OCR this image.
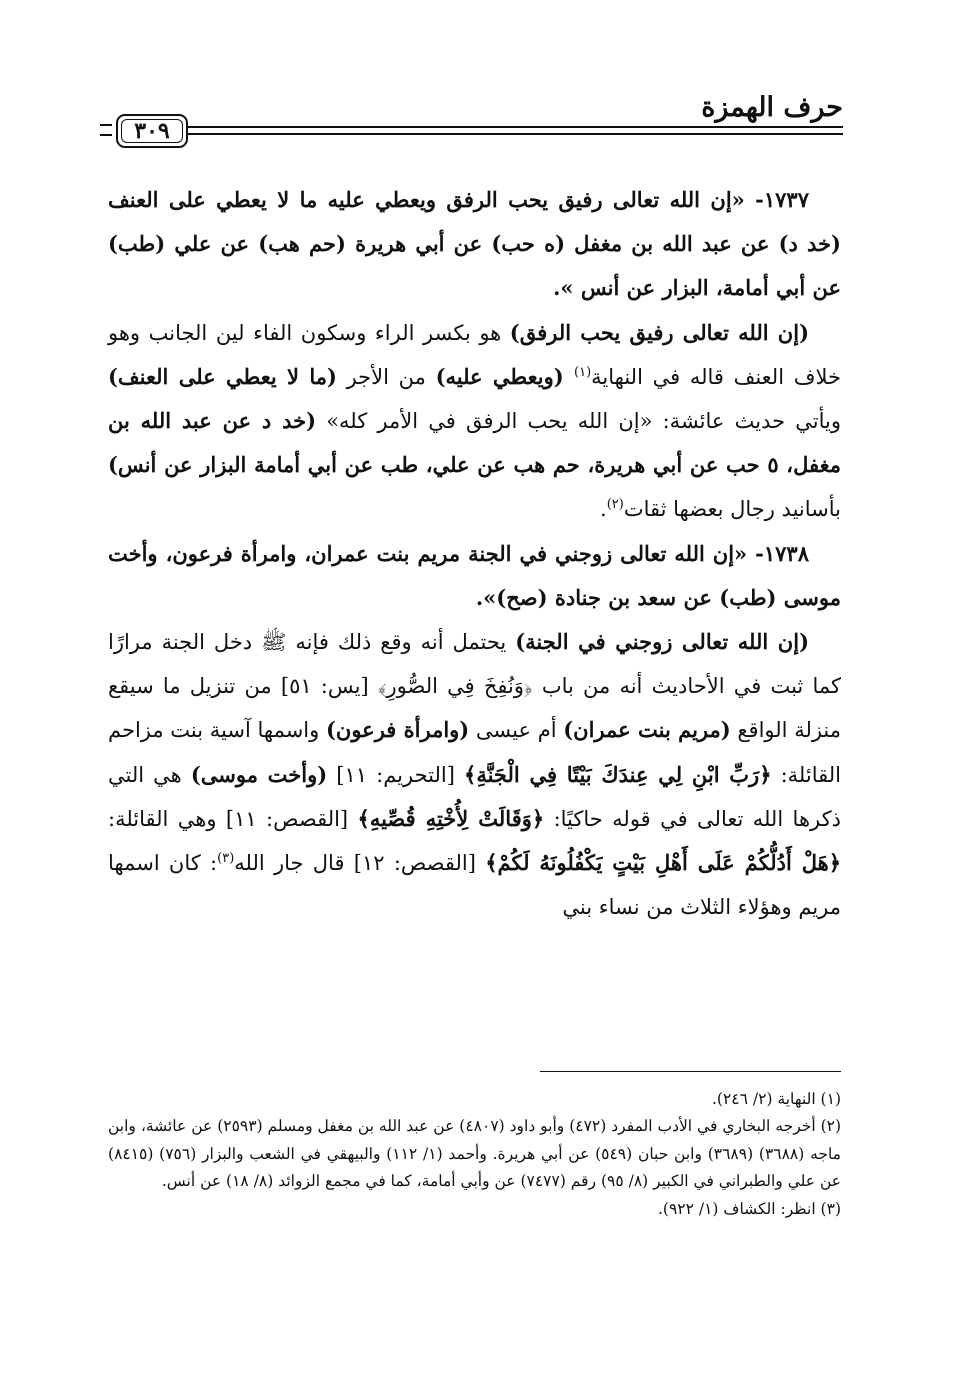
حرف الهمزة
٣٠٩

١٧٣٧- «إن الله تعالى رفيق يحب الرفق ويعطي عليه ما لا يعطي على العنف (خد د) عن عبد الله بن مغفل (ه حب) عن أبي هريرة (حم هب) عن علي (طب) عن أبي أمامة، البزار عن أنس ».

(إن الله تعالى رفيق يحب الرفق) هو بكسر الراء وسكون الفاء لين الجانب وهو خلاف العنف قاله في النهاية$^{(١)}$ (ويعطي عليه) من الأجر (ما لا يعطي على العنف) ويأتي حديث عائشة: «إن الله يحب الرفق في الأمر كله» (خد د عن عبد الله بن مغفل، ٥ حب عن أبي هريرة، حم هب عن علي، طب عن أبي أمامة البزار عن أنس) بأسانيد رجال بعضها ثقات$^{(٢)}$.

١٧٣٨- «إن الله تعالى زوجني في الجنة مريم بنت عمران، وامرأة فرعون، وأخت موسى (طب) عن سعد بن جنادة (صح)».

(إن الله تعالى زوجني في الجنة) يحتمل أنه وقع ذلك فإنه ﷺ دخل الجنة مرارًا كما ثبت في الأحاديث أنه من باب ﴿وَنُفِخَ فِي الصُّورِ﴾ [يس: ٥١] من تنزيل ما سيقع منزلة الواقع (مريم بنت عمران) أم عيسى (وامرأة فرعون) واسمها آسية بنت مزاحم القائلة: ﴿رَبِّ ابْنِ لِي عِندَكَ بَيْتًا فِي الْجَنَّةِ﴾ [التحريم: ١١] (وأخت موسى) هي التي ذكرها الله تعالى في قوله حاكيًا: ﴿وَقَالَتْ لِأُخْتِهِ قُصِّيهِ﴾ [القصص: ١١] وهي القائلة: ﴿هَلْ أَدُلُّكُمْ عَلَى أَهْلِ بَيْتٍ يَكْفُلُونَهُ لَكُمْ﴾ [القصص: ١٢] قال جار الله$^{(٣)}$: كان اسمها مريم وهؤلاء الثلاث من نساء بني

(١) النهاية (٢/ ٢٤٦).

(٢) أخرجه البخاري في الأدب المفرد (٤٧٢) وأبو داود (٤٨٠٧) عن عبد الله بن مغفل ومسلم (٢٥٩٣) عن عائشة، وابن ماجه (٣٦٨٨) (٣٦٨٩) وابن حبان (٥٤٩) عن أبي هريرة. وأحمد (١/ ١١٢) والبيهقي في الشعب والبزار (٧٥٦) (٨٤١٥) عن علي والطبراني في الكبير (٨/ ٩٥) رقم (٧٤٧٧) عن وأبي أمامة، كما في مجمع الزوائد (٨/ ١٨) عن أنس.

(٣) انظر: الكشاف (١/ ٩٢٢).
